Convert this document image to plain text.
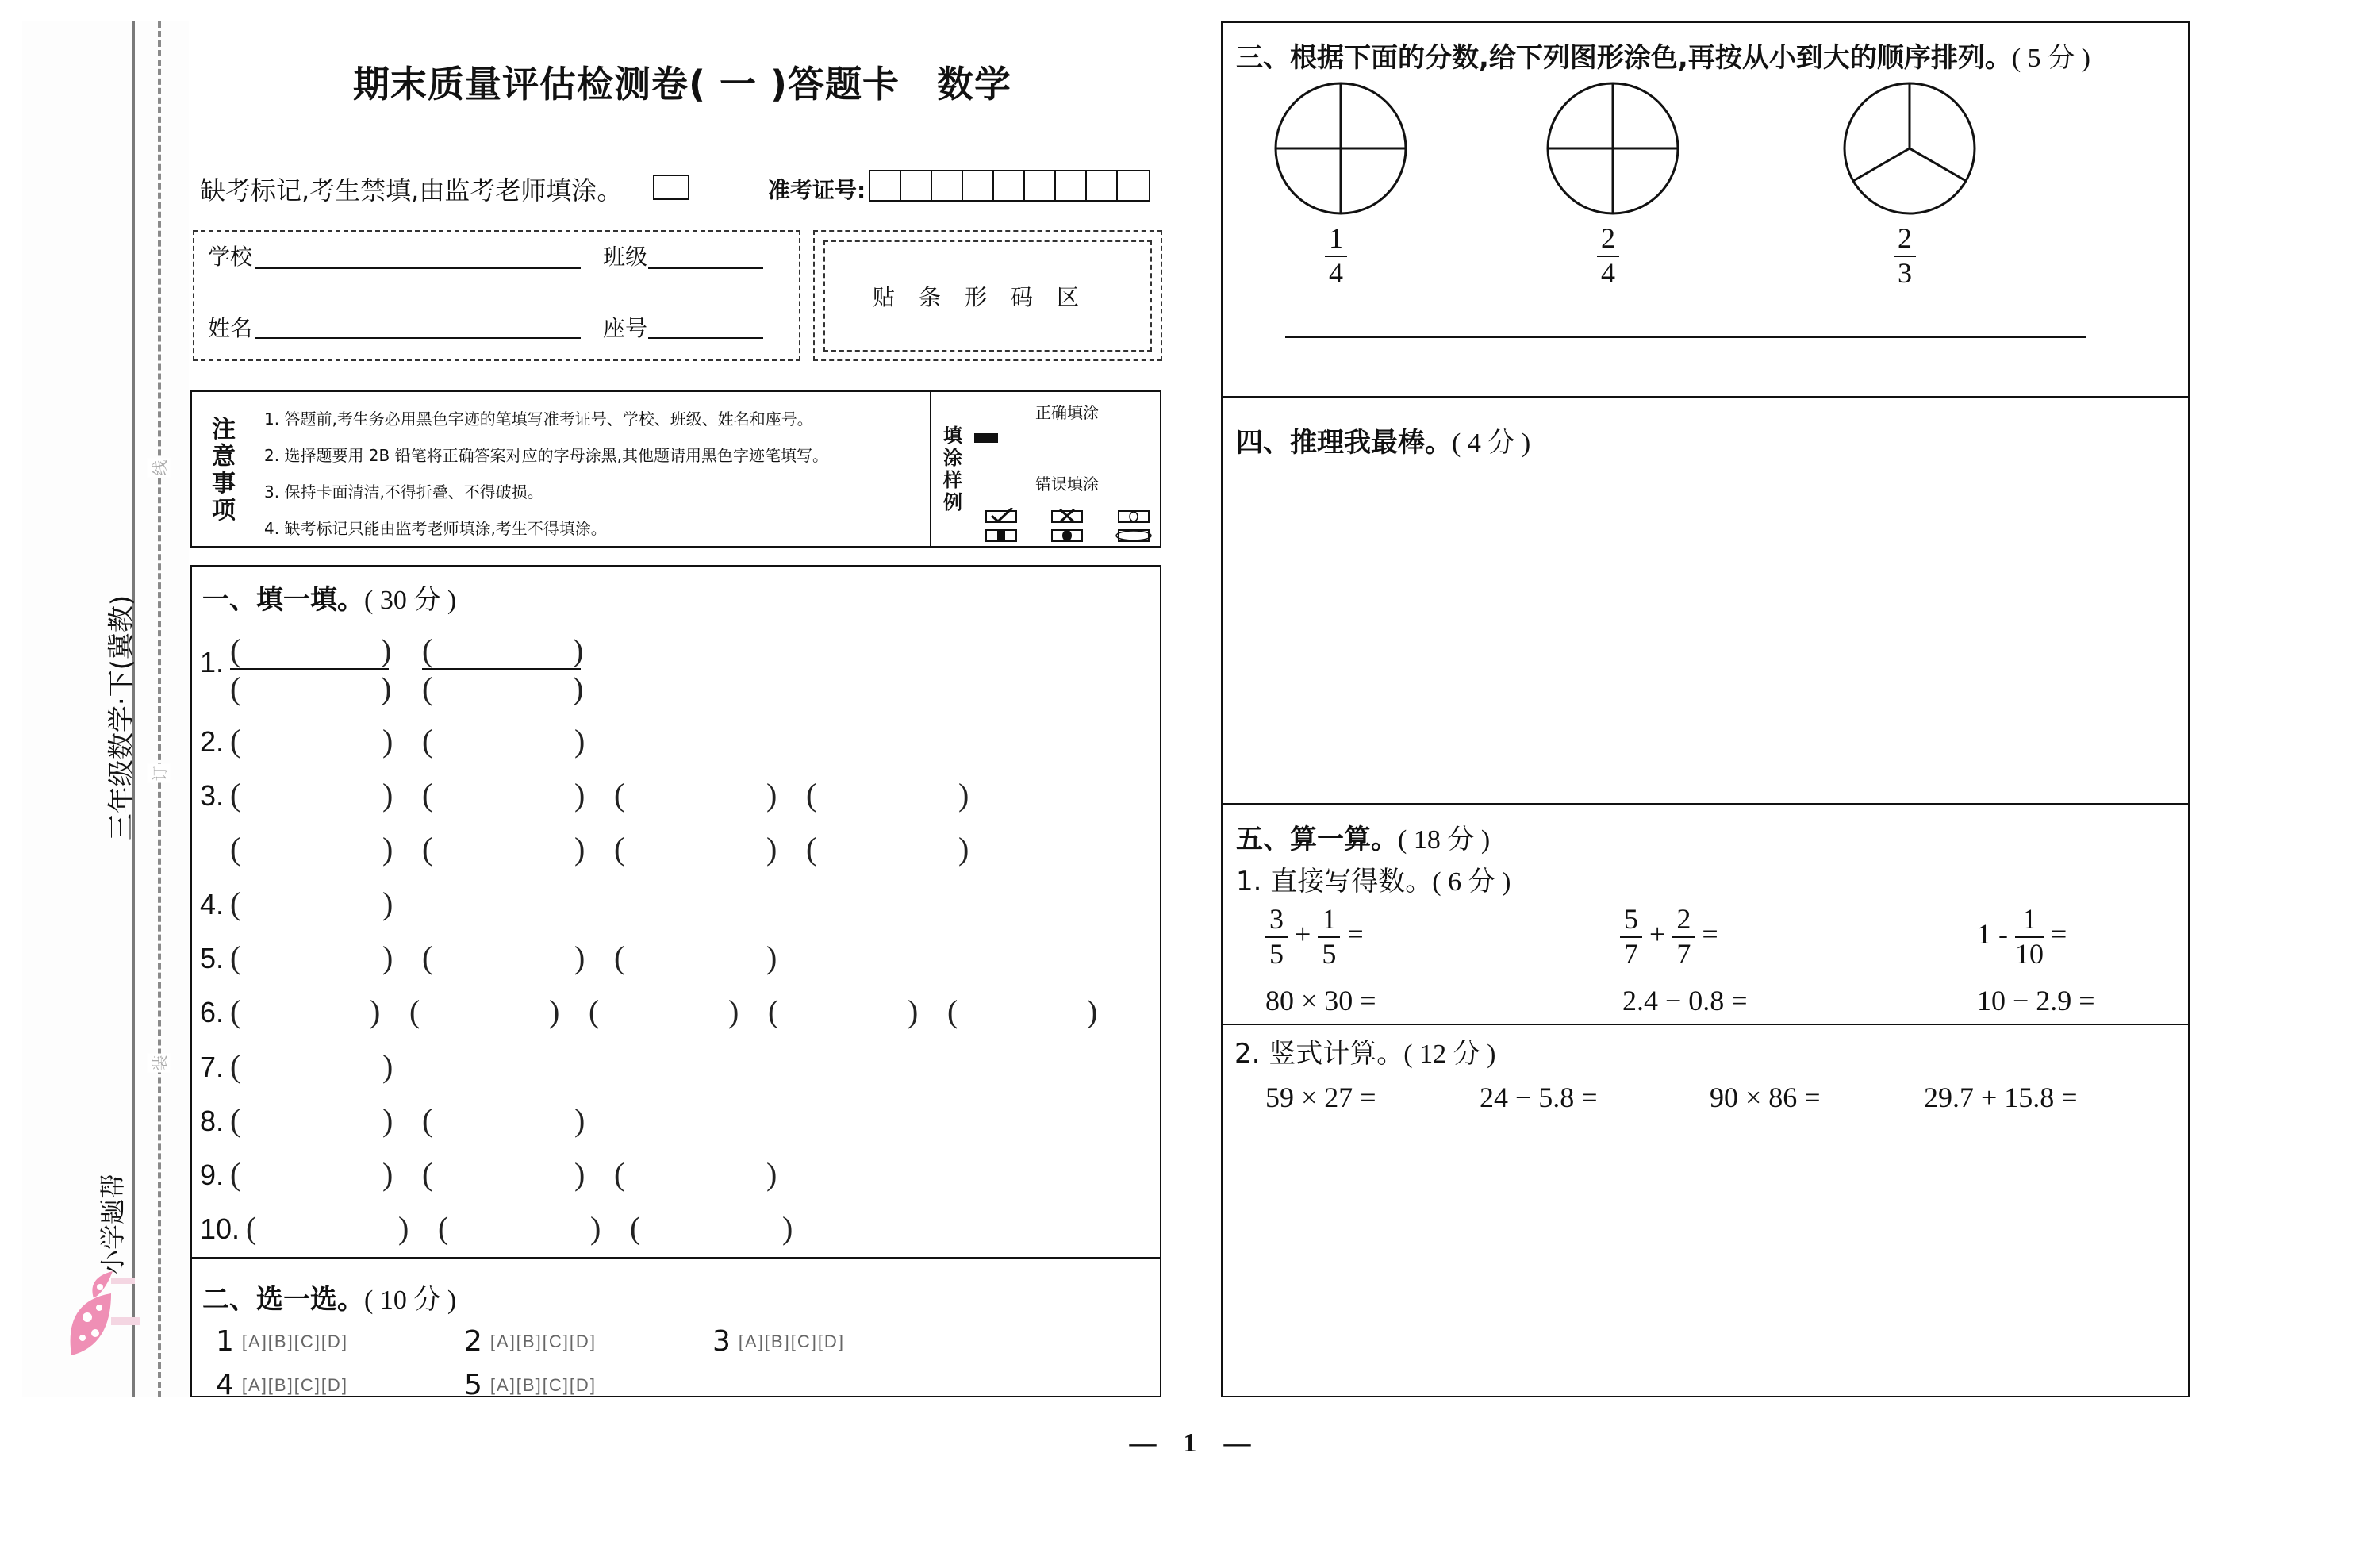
线
订
装
三年级数学·下(冀教)
小学题帮
期末质量评估检测卷( 一 )答题卡　数学
缺考标记,考生禁填,由监考老师填涂。	准考证号:
学校	班级
姓名	座号
贴条形码区
注意事项
1. 答题前,考生务必用黑色字迹的笔填写准考证号、学校、班级、姓名和座号。
2. 选择题要用 2B 铅笔将正确答案对应的字母涂黑,其他题请用黑色字迹笔填写。
3. 保持卡面清洁,不得折叠、不得破损。
4. 缺考标记只能由监考老师填涂,考生不得填涂。
填涂样例
正确填涂
错误填涂
一、填一填。( 30 分 )
1. (
(
)
)
(
(
)
)
2. (	) (	)
3. (	) (	) (	) (	)
(	) (	) (	) (	)
4. (	)
5. (	) (	) (	)
6. (	) (	) (	) (	) (	)
7. (	)
8. (	) (	)
9. (	) (	) (	)
10. (	) (	) (	)
二、选一选。( 10 分 )
1 [A][B][C][D]	2 [A][B][C][D]	3 [A][B][C][D]
4 [A][B][C][D]	5 [A][B][C][D]
三、根据下面的分数,给下列图形涂色,再按从小到大的顺序排列。( 5 分 )
1
4
2
4
2
3
四、推理我最棒。( 4 分 )
五、算一算。( 18 分 )
1. 直接写得数。( 6 分 )
$\frac{3}{5} + \frac{1}{5}$ =	$\frac{5}{7} + \frac{2}{7}$ =	$1 - \frac{1}{10}$ =
80 × 30 =	2.4 − 0.8 =	10 − 2.9 =
2. 竖式计算。( 12 分 )
59 × 27 =	24 − 5.8 =	90 × 86 =	29.7 + 15.8 =
—　1　—
